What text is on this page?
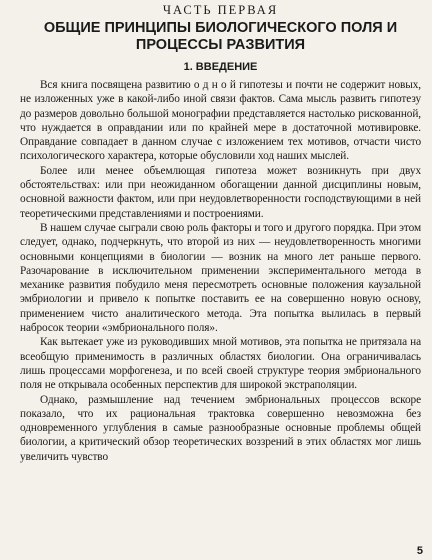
ЧАСТЬ ПЕРВАЯ
ОБЩИЕ ПРИНЦИПЫ БИОЛОГИЧЕСКОГО ПОЛЯ И
ПРОЦЕССЫ РАЗВИТИЯ
1. ВВЕДЕНИЕ

Вся книга посвящена развитию о д н о й гипотезы и почти не содержит новых, не изложенных уже в какой-либо иной связи фактов. Сама мысль развить гипотезу до размеров довольно большой монографии представляется настолько рискованной, что нуждается в оправдании или по крайней мере в достаточной мотивировке. Оправдание совпадает в данном случае с изложением тех мотивов, отчасти чисто психологического характера, которые обусловили ход наших мыслей.

Более или менее объемлющая гипотеза может возникнуть при двух обстоятельствах: или при неожиданном обогащении данной дисциплины новым, основной важности фактом, или при неудовлетворенности господствующими в ней теоретическими представлениями и построениями.

В нашем случае сыграли свою роль факторы и того и другого порядка. При этом следует, однако, подчеркнуть, что второй из них — неудовлетворенность многими основными концепциями в биологии — возник на много лет раньше первого. Разочарование в исключительном применении экспериментального метода в механике развития побудило меня пересмотреть основные положения каузальной эмбриологии и привело к попытке поставить ее на совершенно новую основу, применением чисто аналитического метода. Эта попытка вылилась в первый набросок теории «эмбрионального поля».

Как вытекает уже из руководивших мной мотивов, эта попытка не притязала на всеобщую применимость в различных областях биологии. Она ограничивалась лишь процессами морфогенеза, и по всей своей структуре теория эмбрионального поля не открывала особенных перспектив для широкой экстраполяции.

Однако, размышление над течением эмбриональных процессов вскоре показало, что их рациональная трактовка совершенно невозможна без одновременного углубления в самые разнообразные основные проблемы общей биологии, а критический обзор теоретических воззрений в этих областях мог лишь увеличить чувство

5
